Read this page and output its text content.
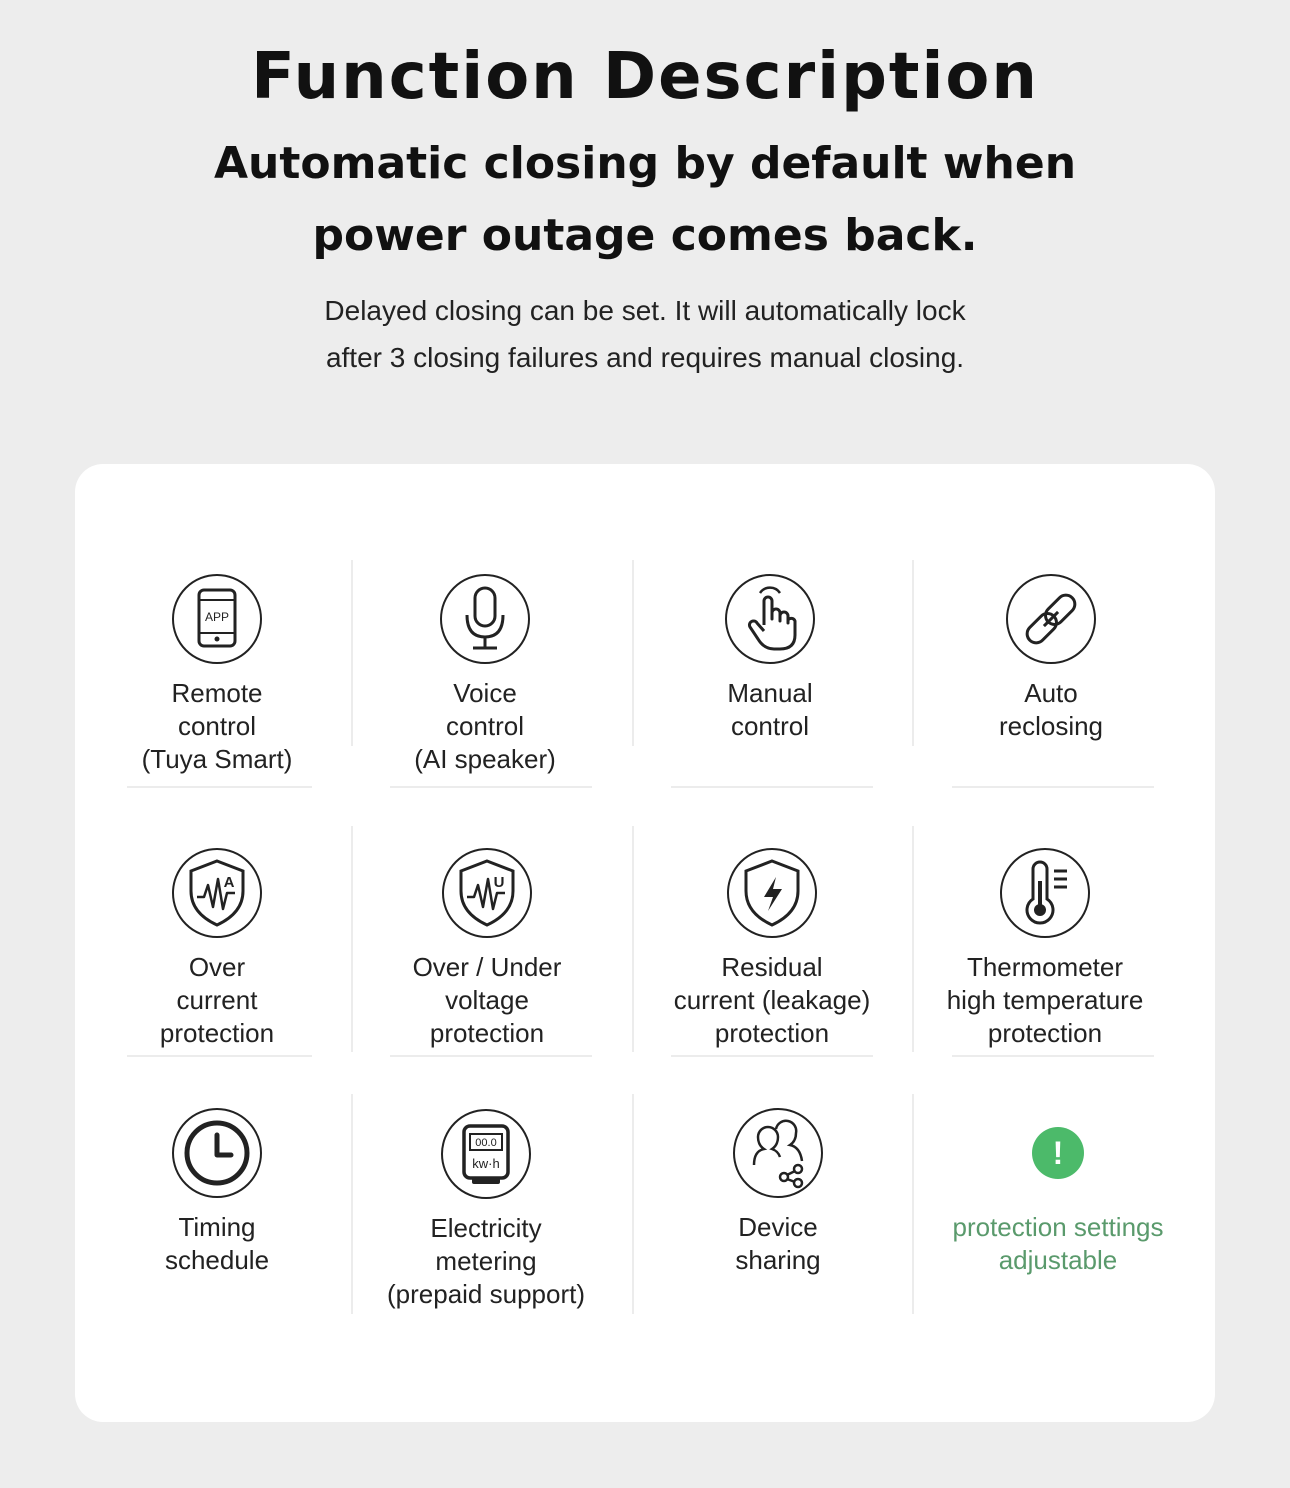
Function Description
Automatic closing by default when
power outage comes back.
Delayed closing can be set. It will automatically lock
after 3 closing failures and requires manual closing.
APP
Remote
control
(Tuya Smart)
Voice
control
(AI speaker)
Manual
control
Auto
reclosing
A
Over
current
protection
U
Over / Under
voltage
protection
Residual
current (leakage)
protection
Thermometer
high temperature
protection
Timing
schedule
00.0
kw·h
Electricity
metering
(prepaid support)
Device
sharing
!
protection settings
adjustable
